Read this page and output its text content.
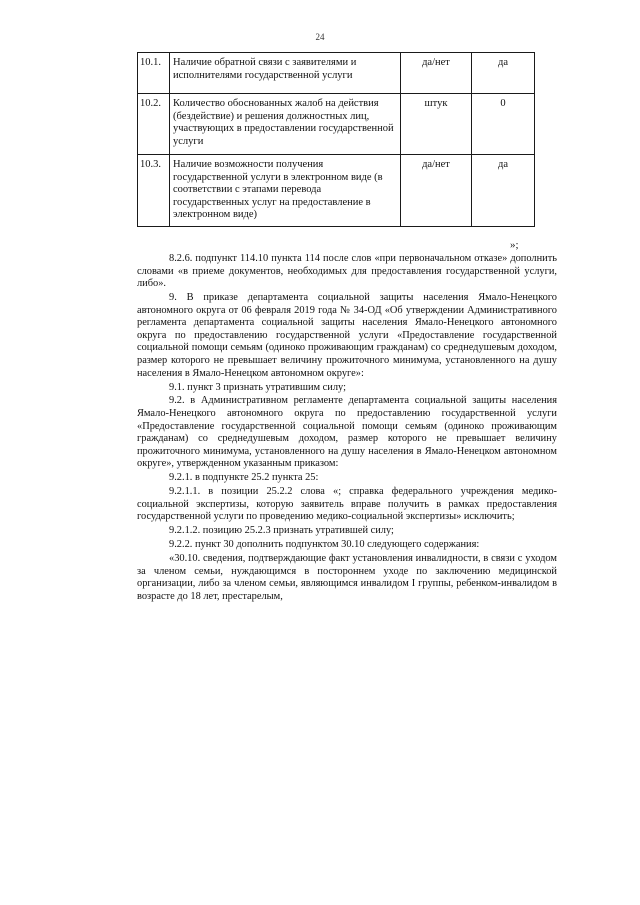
24
10.1.	Наличие обратной связи с заявителями и исполнителями государственной услуги	да/нет	да
10.2.	Количество обоснованных жалоб на действия (бездействие) и решения должностных лиц, участвующих в предоставлении государственной услуги	штук	0
10.3.	Наличие возможности получения государственной услуги в электронном виде (в соответствии с этапами перевода государственных услуг на предоставление в электронном виде)	да/нет	да
»;

8.2.6. подпункт 114.10 пункта 114 после слов «при первоначальном отказе» дополнить словами «в приеме документов, необходимых для предоставления государственной услуги, либо».

9. В приказе департамента социальной защиты населения Ямало-Ненецкого автономного округа от 06 февраля 2019 года № 34-ОД «Об утверждении Административного регламента департамента социальной защиты населения Ямало-Ненецкого автономного округа по предоставлению государственной услуги «Предоставление государственной социальной помощи семьям (одиноко проживающим гражданам) со среднедушевым доходом, размер которого не превышает величину прожиточного минимума, установленного на душу населения в Ямало-Ненецком автономном округе»:

9.1. пункт 3 признать утратившим силу;

9.2. в Административном регламенте департамента социальной защиты населения Ямало-Ненецкого автономного округа по предоставлению государственной услуги «Предоставление государственной социальной помощи семьям (одиноко проживающим гражданам) со среднедушевым доходом, размер которого не превышает величину прожиточного минимума, установленного на душу населения в Ямало-Ненецком автономном округе», утвержденном указанным приказом:

9.2.1. в подпункте 25.2 пункта 25:

9.2.1.1. в позиции 25.2.2 слова «; справка федерального учреждения медико-социальной экспертизы, которую заявитель вправе получить в рамках предоставления государственной услуги по проведению медико-социальной экспертизы» исключить;

9.2.1.2. позицию 25.2.3 признать утратившей силу;

9.2.2. пункт 30 дополнить подпунктом 30.10 следующего содержания:

«30.10. сведения, подтверждающие факт установления инвалидности, в связи с уходом за членом семьи, нуждающимся в постороннем уходе по заключению медицинской организации, либо за членом семьи, являющимся инвалидом I группы, ребенком-инвалидом в возрасте до 18 лет, престарелым,
